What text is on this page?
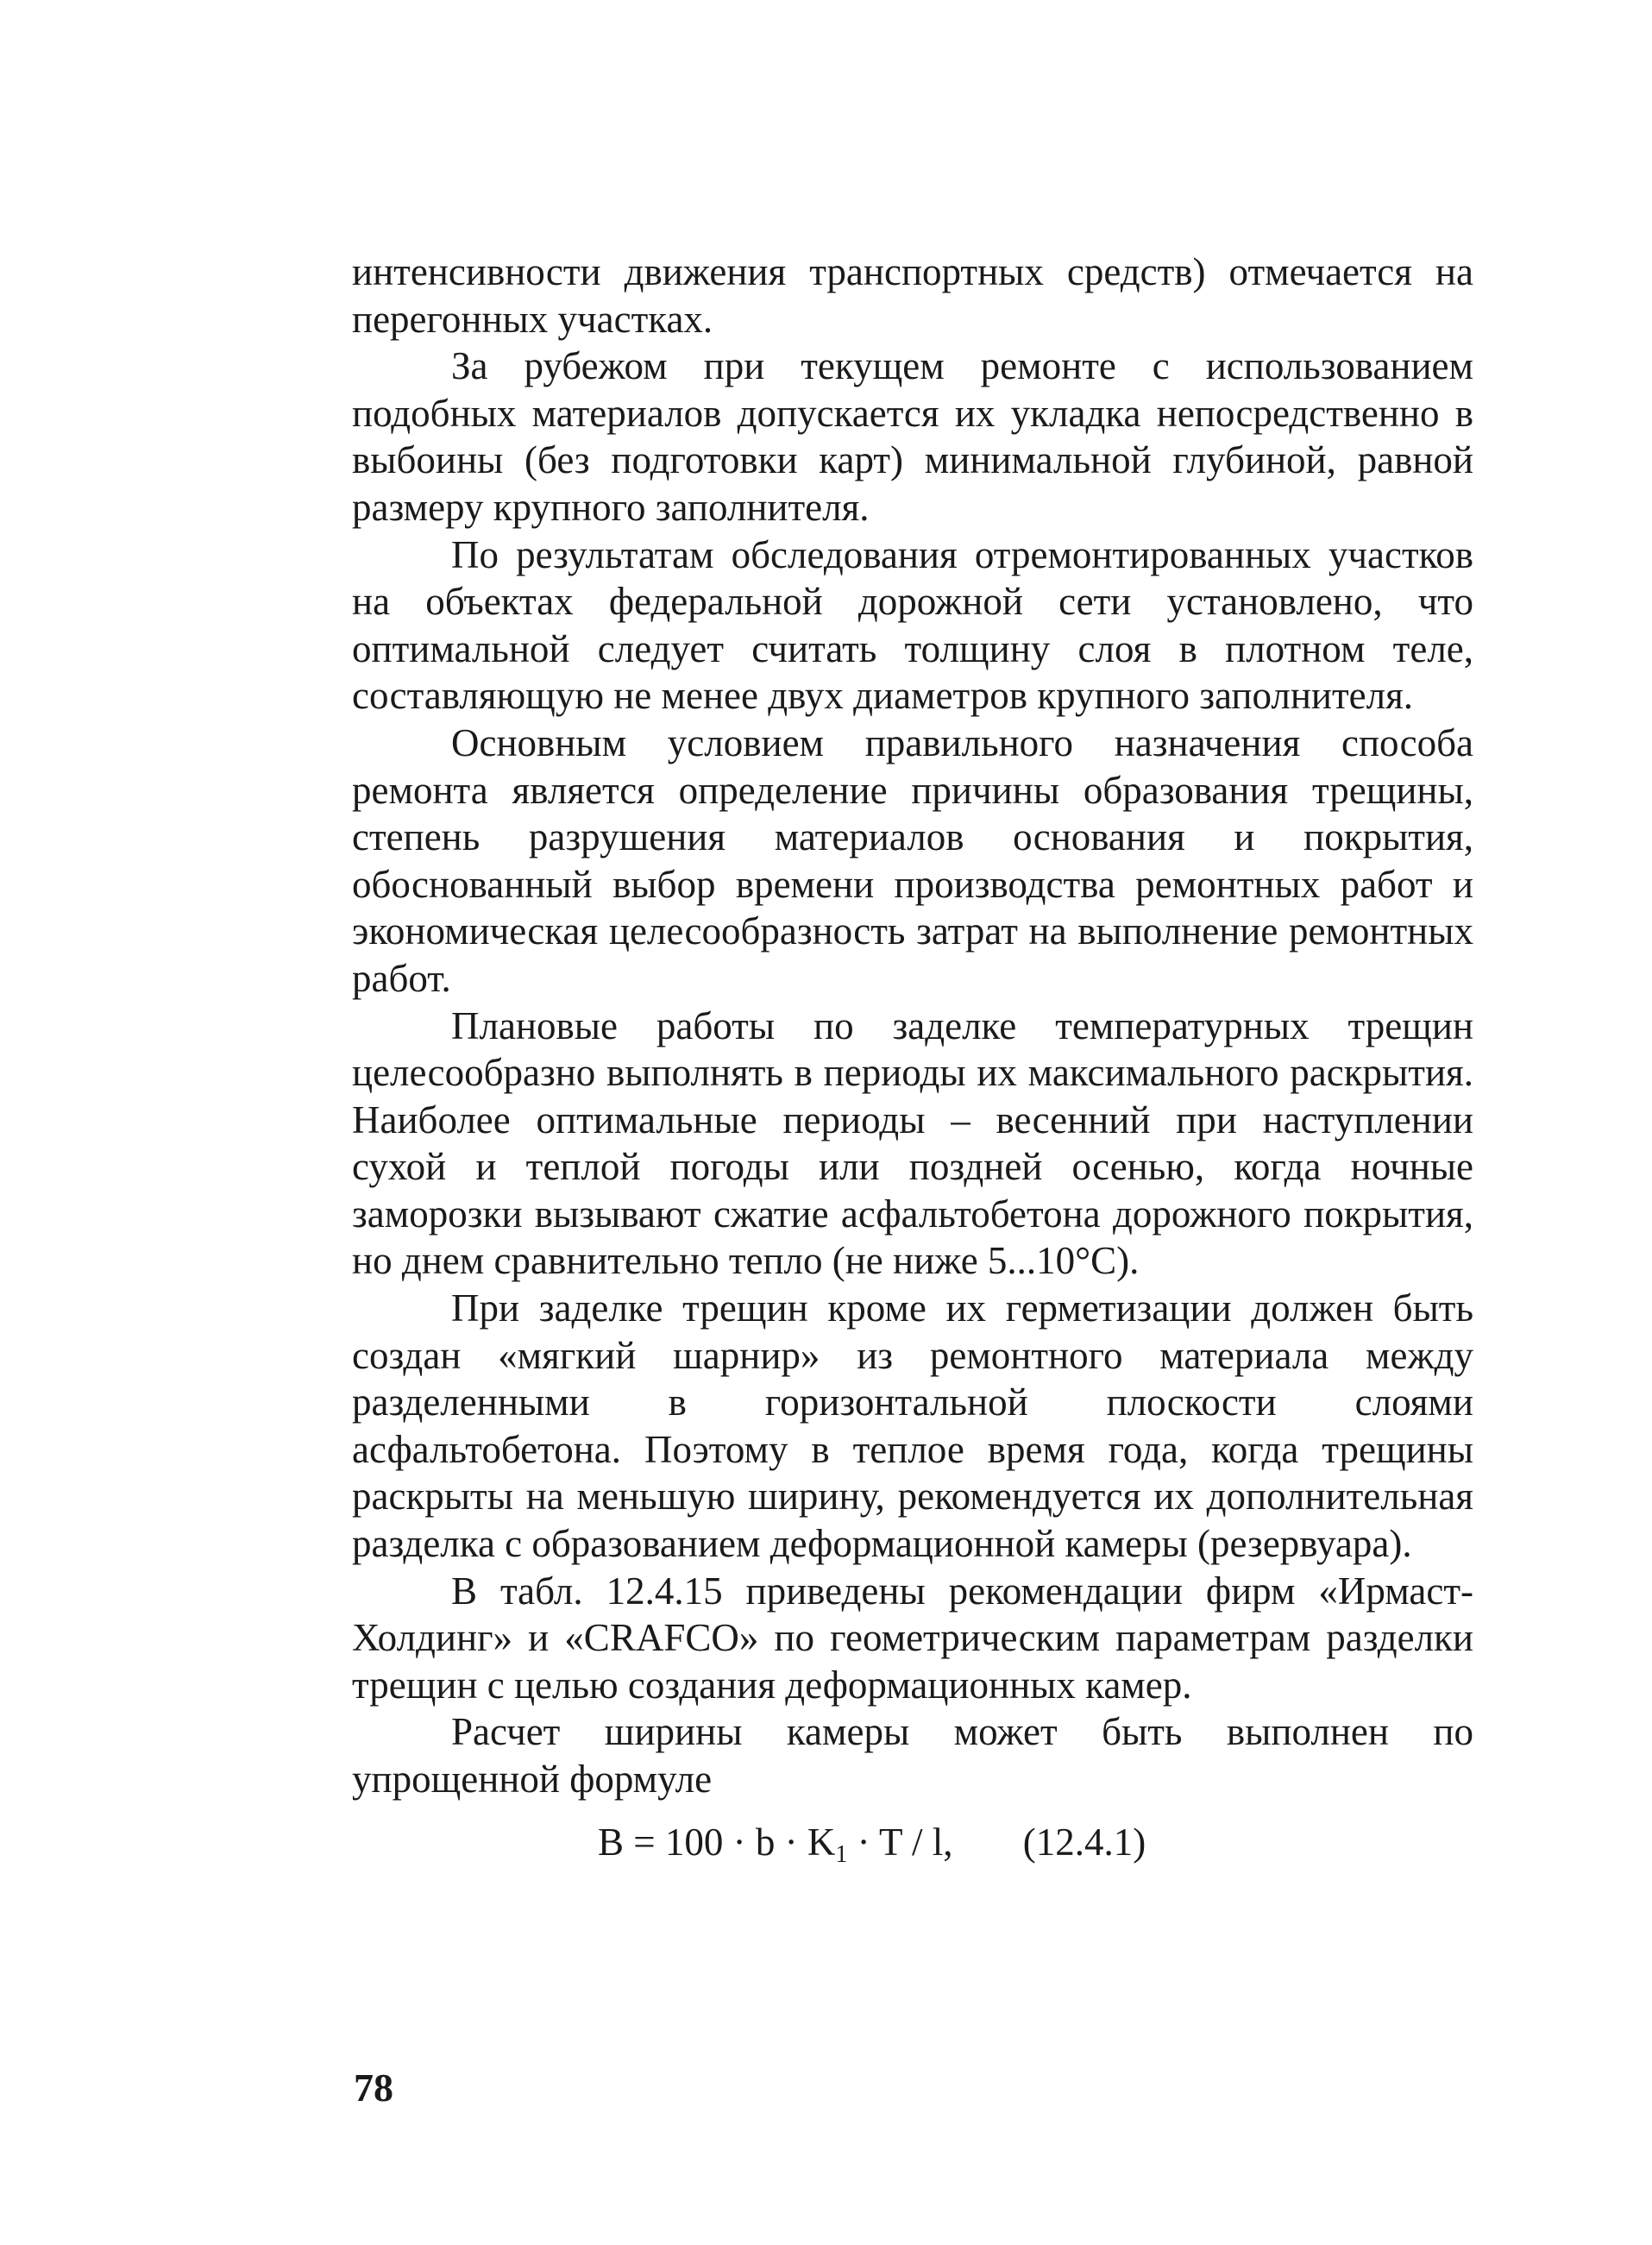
интенсивности движения транспортных средств) отмечается на перегонных участках.

За рубежом при текущем ремонте с использованием подобных материалов допускается их укладка непосредственно в выбоины (без подготовки карт) минимальной глубиной, равной размеру крупного заполнителя.

По результатам обследования отремонтированных участков на объектах федеральной дорожной сети установлено, что оптимальной следует считать толщину слоя в плотном теле, составляющую не менее двух диаметров крупного заполнителя.

Основным условием правильного назначения способа ремонта является определение причины образования трещины, степень разрушения материалов основания и покрытия, обоснованный выбор времени производства ремонтных работ и экономическая целесообразность затрат на выполнение ремонтных работ.

Плановые работы по заделке температурных трещин целесообразно выполнять в периоды их максимального раскрытия. Наиболее оптимальные периоды – весенний при наступлении сухой и теплой погоды или поздней осенью, когда ночные заморозки вызывают сжатие асфальтобетона дорожного покрытия, но днем сравнительно тепло (не ниже 5...10°С).

При заделке трещин кроме их герметизации должен быть создан «мягкий шарнир» из ремонтного материала между разделенными в горизонтальной плоскости слоями асфальтобетона. Поэтому в теплое время года, когда трещины раскрыты на меньшую ширину, рекомендуется их дополнительная разделка с образованием деформационной камеры (резервуара).

В табл. 12.4.15 приведены рекомендации фирм «Ирмаст-Холдинг» и «CRAFCO» по геометрическим параметрам разделки трещин с целью создания деформационных камер.

Расчет ширины камеры может быть выполнен по упрощенной формуле

$B = 100 \cdot b \cdot K_1 \cdot T / l$, (12.4.1)
78
